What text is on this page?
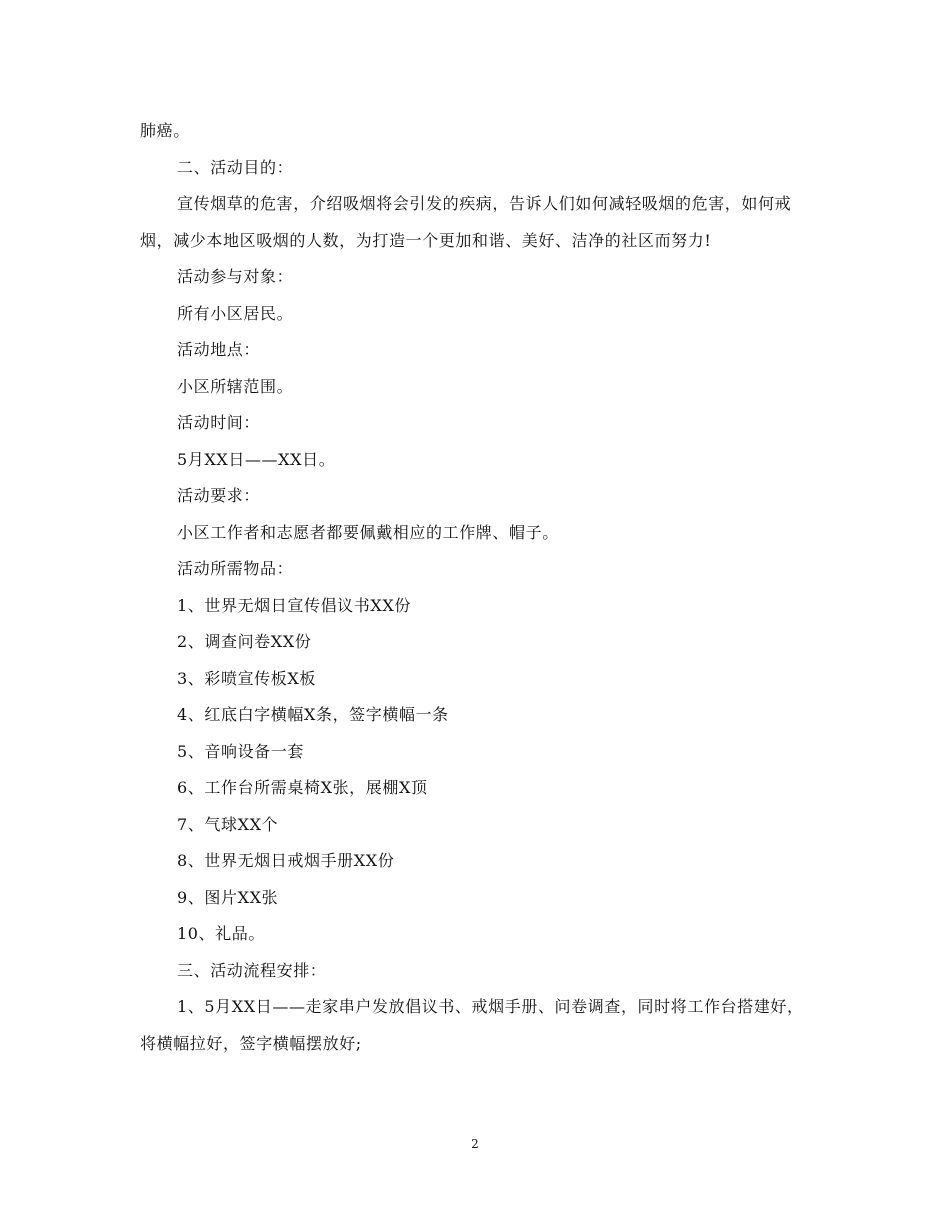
肺癌。

二、活动目的：

宣传烟草的危害，介绍吸烟将会引发的疾病，告诉人们如何减轻吸烟的危害，如何戒烟，减少本地区吸烟的人数，为打造一个更加和谐、美好、洁净的社区而努力!

活动参与对象：

所有小区居民。

活动地点：

小区所辖范围。

活动时间：

5月XX日——XX日。

活动要求：

小区工作者和志愿者都要佩戴相应的工作牌、帽子。

活动所需物品：

1、世界无烟日宣传倡议书XX份

2、调查问卷XX份

3、彩喷宣传板X板

4、红底白字横幅X条，签字横幅一条

5、音响设备一套

6、工作台所需桌椅X张，展棚X顶

7、气球XX个

8、世界无烟日戒烟手册XX份

9、图片XX张

10、礼品。

三、活动流程安排：

1、5月XX日——走家串户发放倡议书、戒烟手册、问卷调查，同时将工作台搭建好，将横幅拉好，签字横幅摆放好;

2
